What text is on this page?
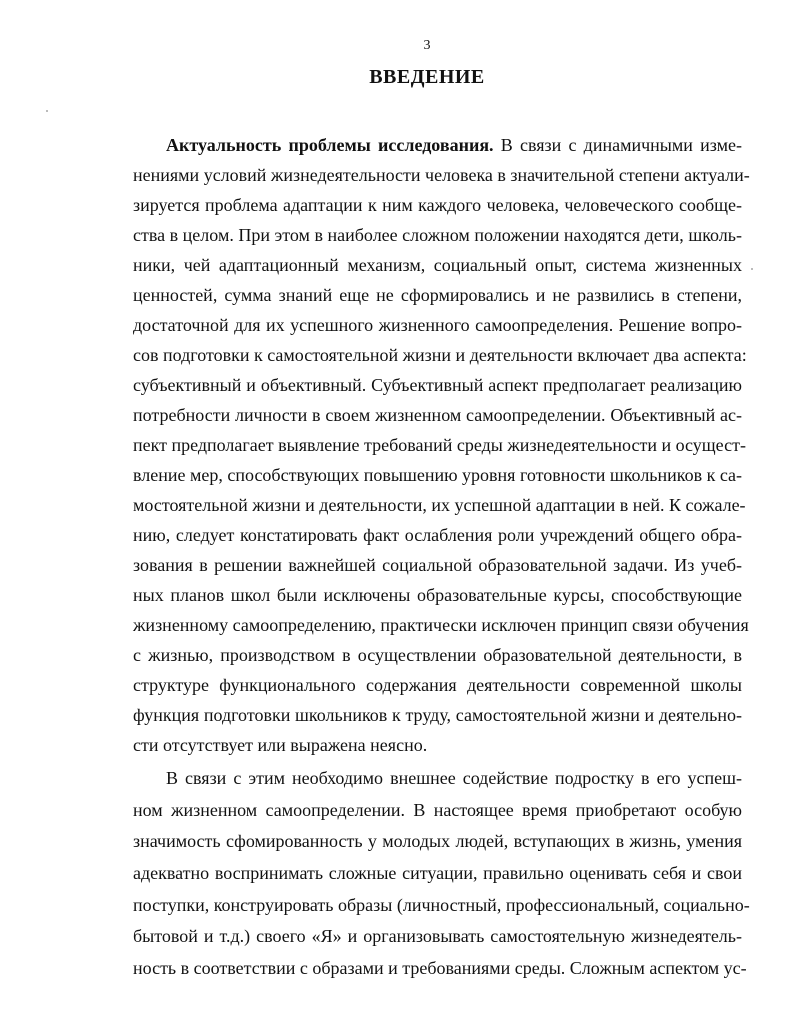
3
ВВЕДЕНИЕ
Актуальность проблемы исследования. В связи с динамичными изме-
нениями условий жизнедеятельности человека в значительной степени актуали-
зируется проблема адаптации к ним каждого человека, человеческого сообще-
ства в целом. При этом в наиболее сложном положении находятся дети, школь-
ники, чей адаптационный механизм, социальный опыт, система жизненных
ценностей, сумма знаний еще не сформировались и не развились в степени,
достаточной для их успешного жизненного самоопределения. Решение вопро-
сов подготовки к самостоятельной жизни и деятельности включает два аспекта:
субъективный и объективный. Субъективный аспект предполагает реализацию
потребности личности в своем жизненном самоопределении. Объективный ас-
пект предполагает выявление требований среды жизнедеятельности и осущест-
вление мер, способствующих повышению уровня готовности школьников к са-
мостоятельной жизни и деятельности, их успешной адаптации в ней. К сожале-
нию, следует констатировать факт ослабления роли учреждений общего обра-
зования в решении важнейшей социальной образовательной задачи. Из учеб-
ных планов школ были исключены образовательные курсы, способствующие
жизненному самоопределению, практически исключен принцип связи обучения
с жизнью, производством в осуществлении образовательной деятельности, в
структуре функционального содержания деятельности современной школы
функция подготовки школьников к труду, самостоятельной жизни и деятельно-
сти отсутствует или выражена неясно.
В связи с этим необходимо внешнее содействие подростку в его успеш-
ном жизненном самоопределении. В настоящее время приобретают особую
значимость сфомированность у молодых людей, вступающих в жизнь, умения
адекватно воспринимать сложные ситуации, правильно оценивать себя и свои
поступки, конструировать образы (личностный, профессиональный, социально-
бытовой и т.д.) своего «Я» и организовывать самостоятельную жизнедеятель-
ность в соответствии с образами и требованиями среды. Сложным аспектом ус-
